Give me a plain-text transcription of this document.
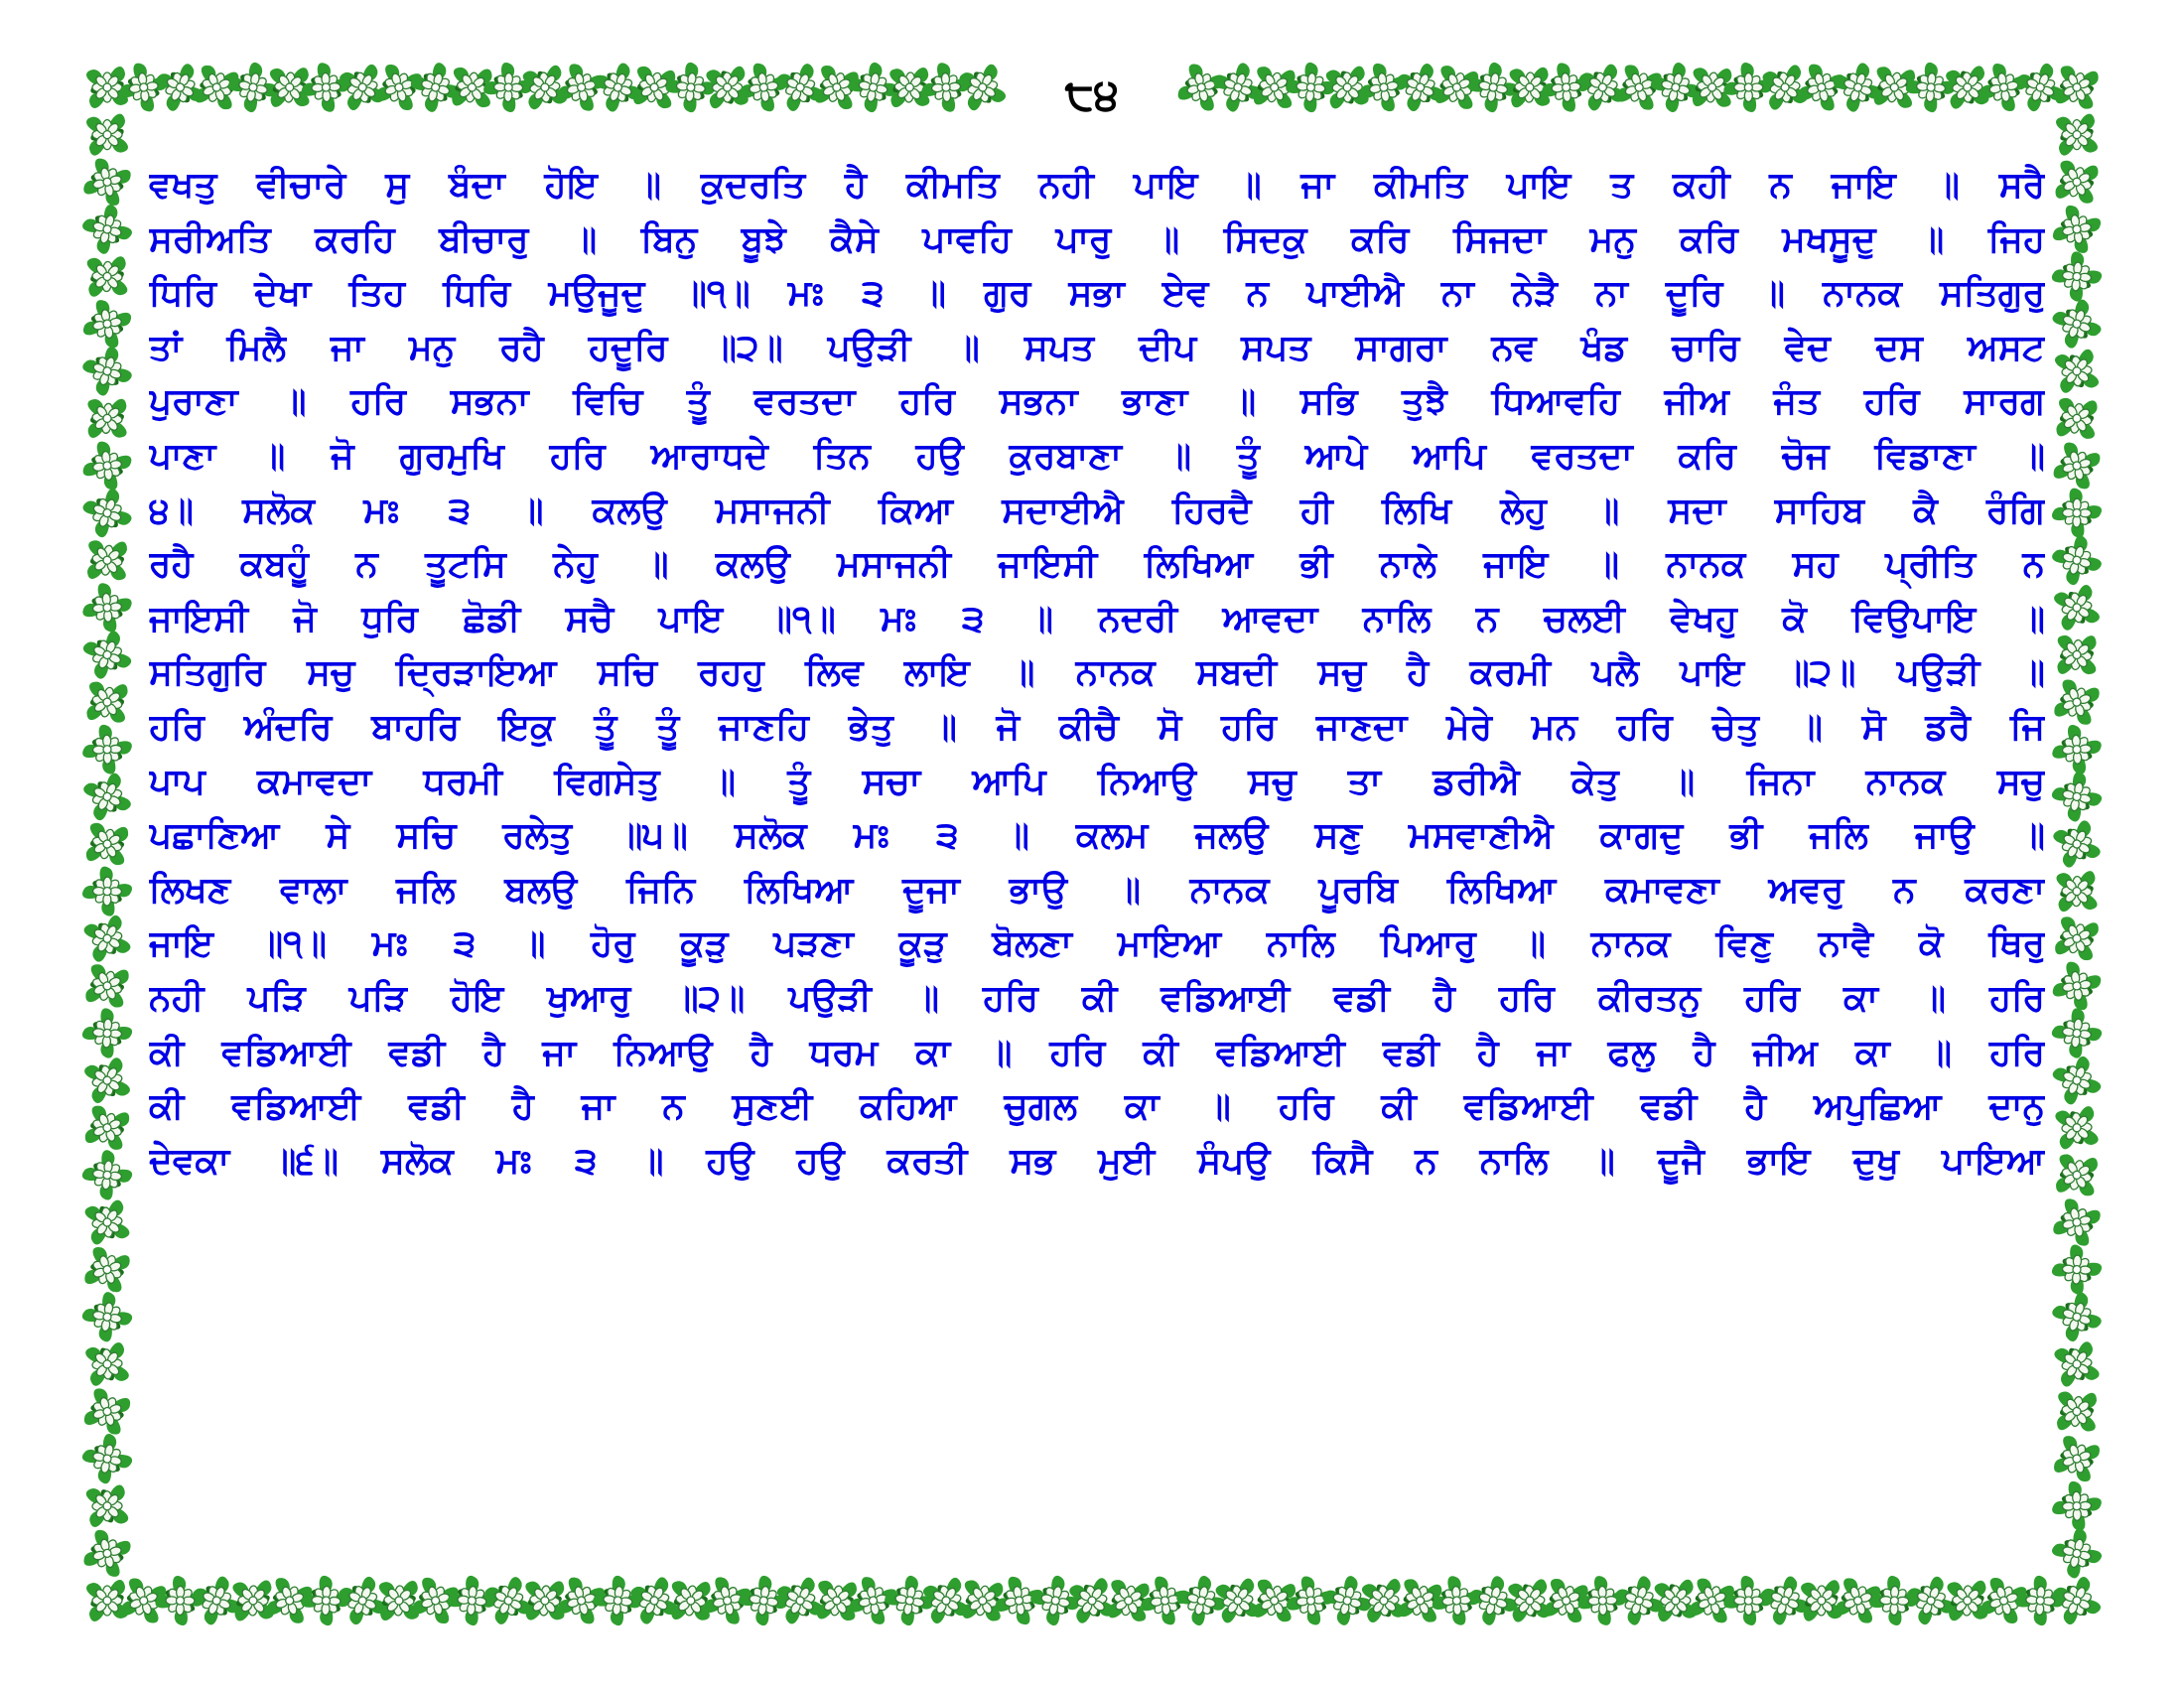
੮੪
ਵਖਤੁ ਵੀਚਾਰੇ ਸੁ ਬੰਦਾ ਹੋਇ ॥ ਕੁਦਰਤਿ ਹੈ ਕੀਮਤਿ ਨਹੀ ਪਾਇ ॥ ਜਾ ਕੀਮਤਿ ਪਾਇ ਤ ਕਹੀ ਨ ਜਾਇ ॥ ਸਰੈ
ਸਰੀਅਤਿ ਕਰਹਿ ਬੀਚਾਰੁ ॥ ਬਿਨੁ ਬੂਝੇ ਕੈਸੇ ਪਾਵਹਿ ਪਾਰੁ ॥ ਸਿਦਕੁ ਕਰਿ ਸਿਜਦਾ ਮਨੁ ਕਰਿ ਮਖਸੂਦੁ ॥ ਜਿਹ
ਧਿਰਿ ਦੇਖਾ ਤਿਹ ਧਿਰਿ ਮਉਜੂਦੁ ॥੧॥ ਮਃ ੩ ॥ ਗੁਰ ਸਭਾ ਏਵ ਨ ਪਾਈਐ ਨਾ ਨੇੜੈ ਨਾ ਦੂਰਿ ॥ ਨਾਨਕ ਸਤਿਗੁਰੁ
ਤਾਂ ਮਿਲੈ ਜਾ ਮਨੁ ਰਹੈ ਹਦੂਰਿ ॥੨॥ ਪਉੜੀ ॥ ਸਪਤ ਦੀਪ ਸਪਤ ਸਾਗਰਾ ਨਵ ਖੰਡ ਚਾਰਿ ਵੇਦ ਦਸ ਅਸਟ
ਪੁਰਾਣਾ ॥ ਹਰਿ ਸਭਨਾ ਵਿਚਿ ਤੂੰ ਵਰਤਦਾ ਹਰਿ ਸਭਨਾ ਭਾਣਾ ॥ ਸਭਿ ਤੁਝੈ ਧਿਆਵਹਿ ਜੀਅ ਜੰਤ ਹਰਿ ਸਾਰਗ
ਪਾਣਾ ॥ ਜੋ ਗੁਰਮੁਖਿ ਹਰਿ ਆਰਾਧਦੇ ਤਿਨ ਹਉ ਕੁਰਬਾਣਾ ॥ ਤੂੰ ਆਪੇ ਆਪਿ ਵਰਤਦਾ ਕਰਿ ਚੋਜ ਵਿਡਾਣਾ ॥
੪॥ ਸਲੋਕ ਮਃ ੩ ॥ ਕਲਉ ਮਸਾਜਨੀ ਕਿਆ ਸਦਾਈਐ ਹਿਰਦੈ ਹੀ ਲਿਖਿ ਲੇਹੁ ॥ ਸਦਾ ਸਾਹਿਬ ਕੈ ਰੰਗਿ
ਰਹੈ ਕਬਹੂੰ ਨ ਤੂਟਸਿ ਨੇਹੁ ॥ ਕਲਉ ਮਸਾਜਨੀ ਜਾਇਸੀ ਲਿਖਿਆ ਭੀ ਨਾਲੇ ਜਾਇ ॥ ਨਾਨਕ ਸਹ ਪ੍ਰੀਤਿ ਨ
ਜਾਇਸੀ ਜੋ ਧੁਰਿ ਛੋਡੀ ਸਚੈ ਪਾਇ ॥੧॥ ਮਃ ੩ ॥ ਨਦਰੀ ਆਵਦਾ ਨਾਲਿ ਨ ਚਲਈ ਵੇਖਹੁ ਕੋ ਵਿਉਪਾਇ ॥
ਸਤਿਗੁਰਿ ਸਚੁ ਦ੍ਰਿੜਾਇਆ ਸਚਿ ਰਹਹੁ ਲਿਵ ਲਾਇ ॥ ਨਾਨਕ ਸਬਦੀ ਸਚੁ ਹੈ ਕਰਮੀ ਪਲੈ ਪਾਇ ॥੨॥ ਪਉੜੀ ॥
ਹਰਿ ਅੰਦਰਿ ਬਾਹਰਿ ਇਕੁ ਤੂੰ ਤੂੰ ਜਾਣਹਿ ਭੇਤੁ ॥ ਜੋ ਕੀਚੈ ਸੋ ਹਰਿ ਜਾਣਦਾ ਮੇਰੇ ਮਨ ਹਰਿ ਚੇਤੁ ॥ ਸੋ ਡਰੈ ਜਿ
ਪਾਪ ਕਮਾਵਦਾ ਧਰਮੀ ਵਿਗਸੇਤੁ ॥ ਤੂੰ ਸਚਾ ਆਪਿ ਨਿਆਉ ਸਚੁ ਤਾ ਡਰੀਐ ਕੇਤੁ ॥ ਜਿਨਾ ਨਾਨਕ ਸਚੁ
ਪਛਾਣਿਆ ਸੇ ਸਚਿ ਰਲੇਤੁ ॥੫॥ ਸਲੋਕ ਮਃ ੩ ॥ ਕਲਮ ਜਲਉ ਸਣੁ ਮਸਵਾਣੀਐ ਕਾਗਦੁ ਭੀ ਜਲਿ ਜਾਉ ॥
ਲਿਖਣ ਵਾਲਾ ਜਲਿ ਬਲਉ ਜਿਨਿ ਲਿਖਿਆ ਦੂਜਾ ਭਾਉ ॥ ਨਾਨਕ ਪੂਰਬਿ ਲਿਖਿਆ ਕਮਾਵਣਾ ਅਵਰੁ ਨ ਕਰਣਾ
ਜਾਇ ॥੧॥ ਮਃ ੩ ॥ ਹੋਰੁ ਕੂੜੁ ਪੜਣਾ ਕੂੜੁ ਬੋਲਣਾ ਮਾਇਆ ਨਾਲਿ ਪਿਆਰੁ ॥ ਨਾਨਕ ਵਿਣੁ ਨਾਵੈ ਕੋ ਥਿਰੁ
ਨਹੀ ਪੜਿ ਪੜਿ ਹੋਇ ਖੁਆਰੁ ॥੨॥ ਪਉੜੀ ॥ ਹਰਿ ਕੀ ਵਡਿਆਈ ਵਡੀ ਹੈ ਹਰਿ ਕੀਰਤਨੁ ਹਰਿ ਕਾ ॥ ਹਰਿ
ਕੀ ਵਡਿਆਈ ਵਡੀ ਹੈ ਜਾ ਨਿਆਉ ਹੈ ਧਰਮ ਕਾ ॥ ਹਰਿ ਕੀ ਵਡਿਆਈ ਵਡੀ ਹੈ ਜਾ ਫਲੁ ਹੈ ਜੀਅ ਕਾ ॥ ਹਰਿ
ਕੀ ਵਡਿਆਈ ਵਡੀ ਹੈ ਜਾ ਨ ਸੁਣਈ ਕਹਿਆ ਚੁਗਲ ਕਾ ॥ ਹਰਿ ਕੀ ਵਡਿਆਈ ਵਡੀ ਹੈ ਅਪੁਛਿਆ ਦਾਨੁ
ਦੇਵਕਾ ॥੬॥ ਸਲੋਕ ਮਃ ੩ ॥ ਹਉ ਹਉ ਕਰਤੀ ਸਭ ਮੁਈ ਸੰਪਉ ਕਿਸੈ ਨ ਨਾਲਿ ॥ ਦੂਜੈ ਭਾਇ ਦੁਖੁ ਪਾਇਆ
